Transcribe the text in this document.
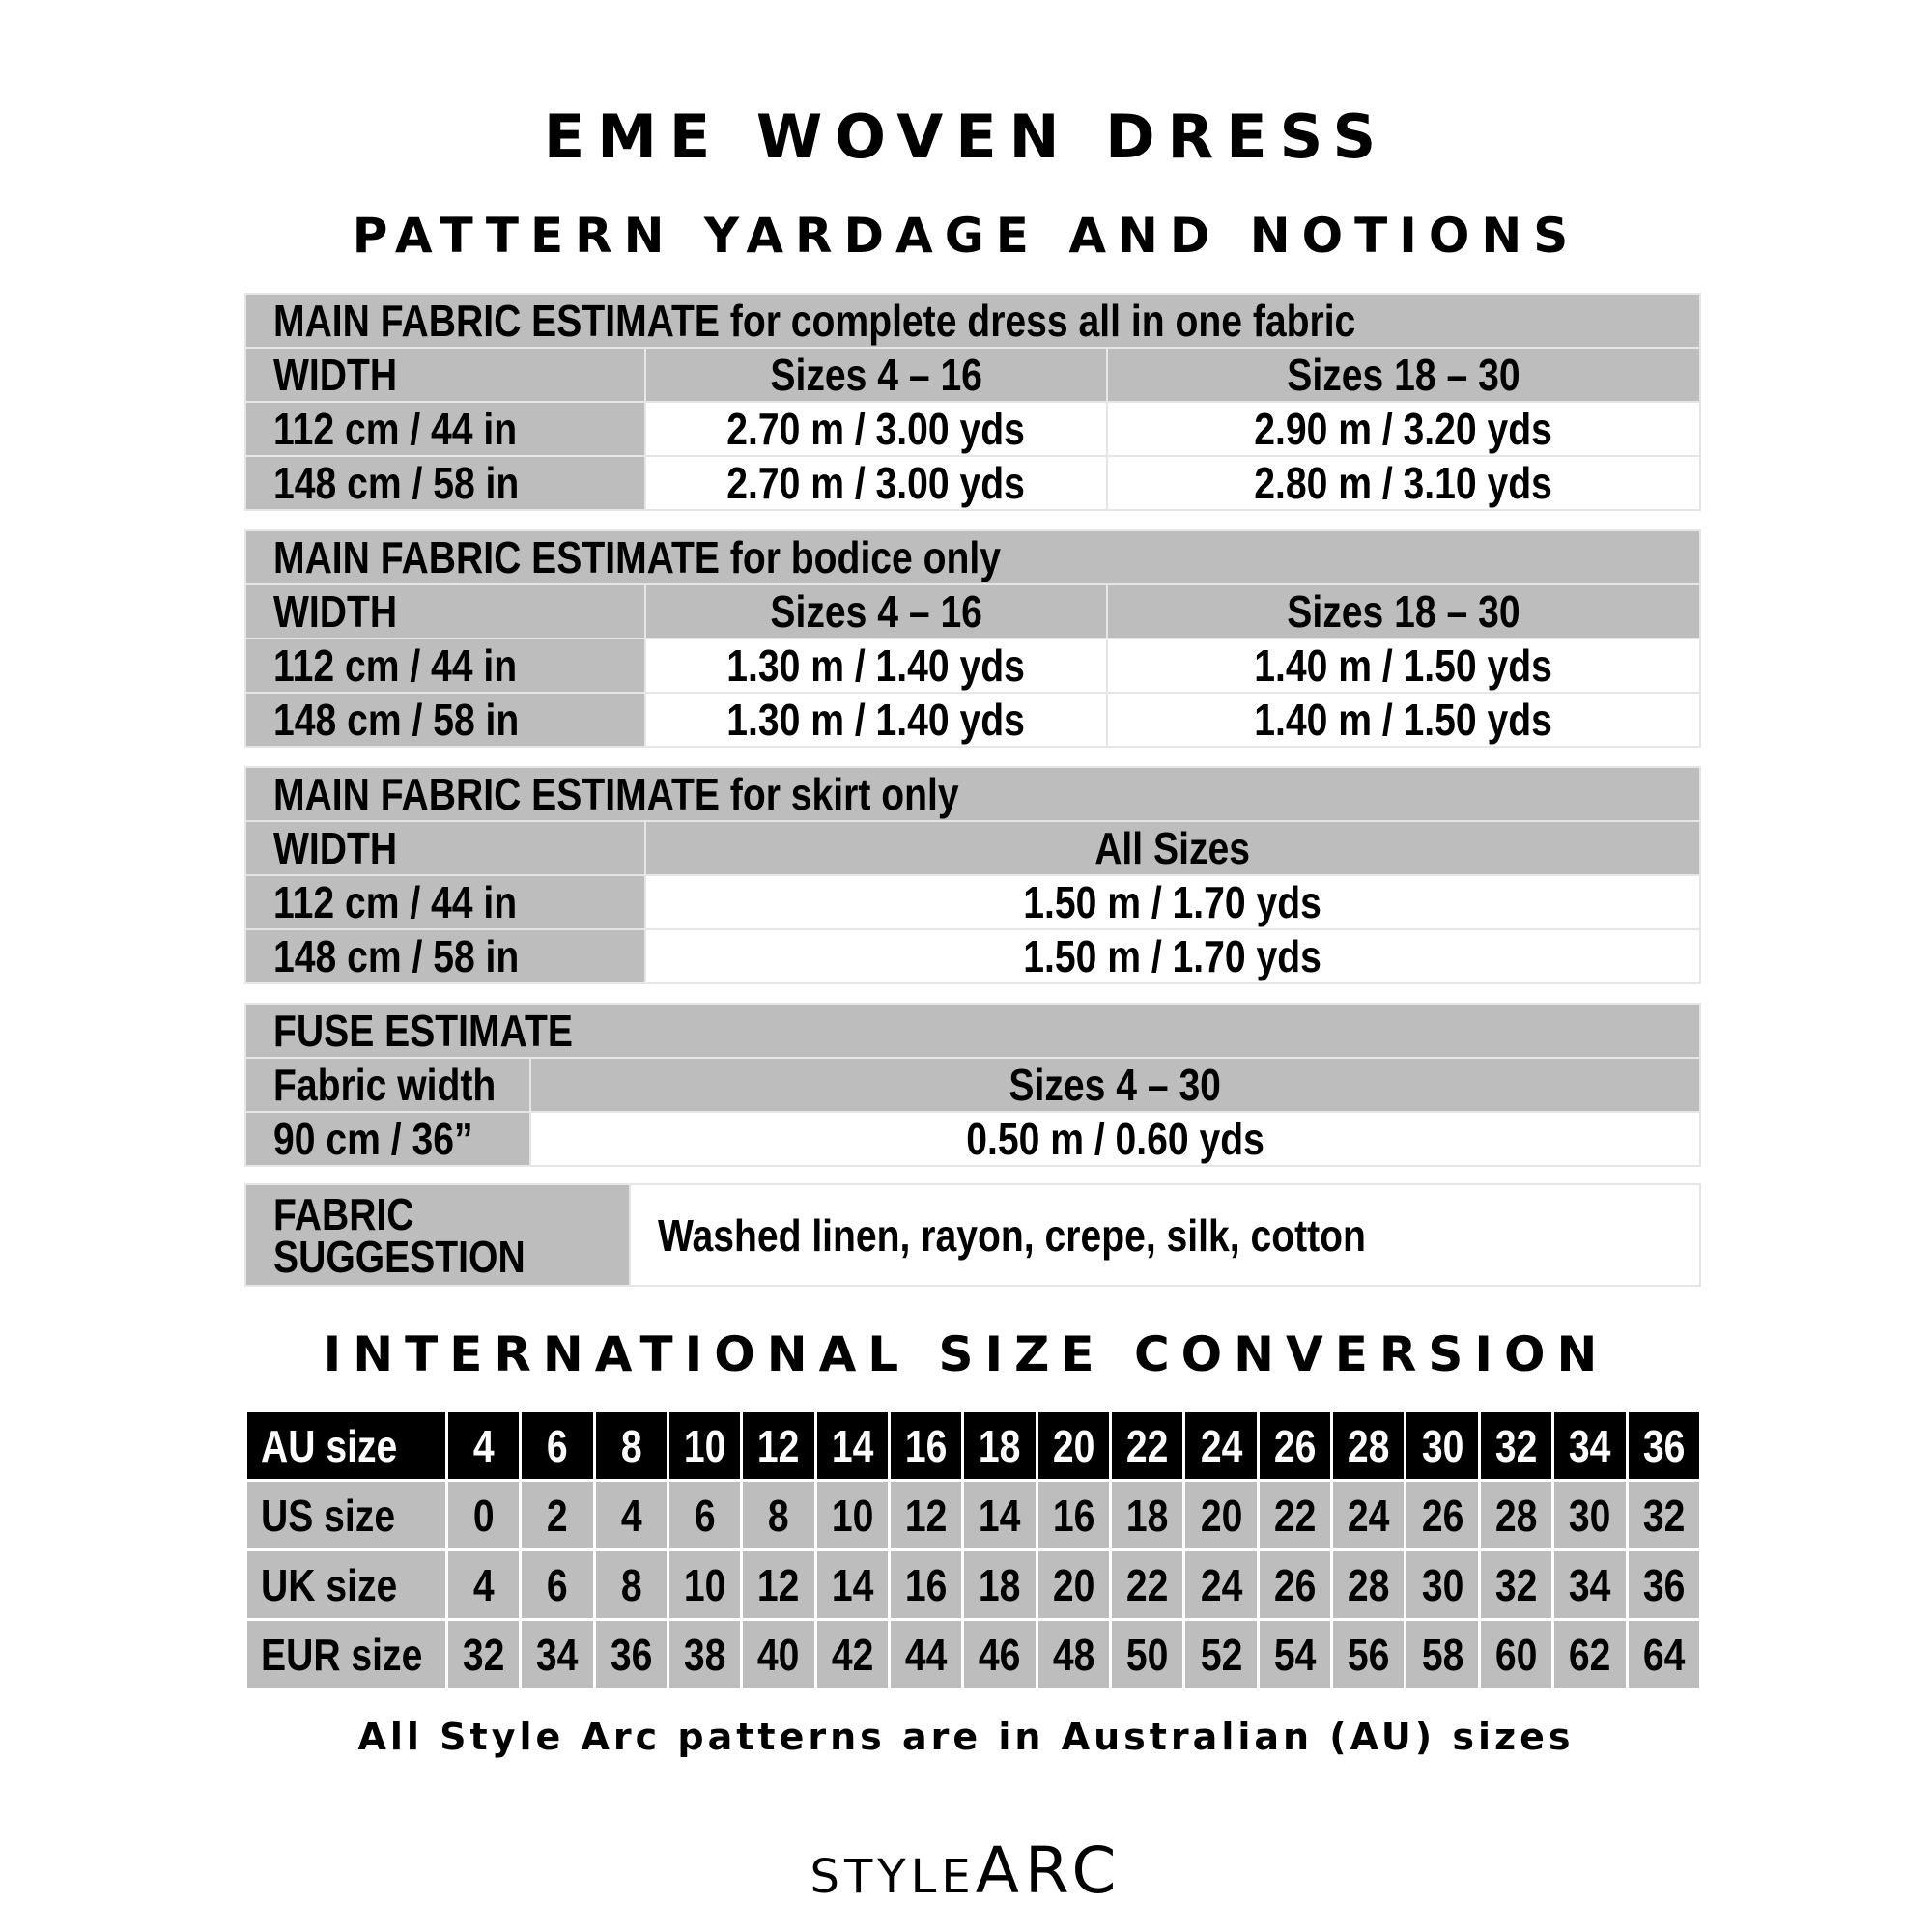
EME WOVEN DRESS
PATTERN YARDAGE AND NOTIONS
MAIN FABRIC ESTIMATE for complete dress all in one fabric		
WIDTH	Sizes 4 – 16	Sizes 18 – 30
112 cm / 44 in	2.70 m / 3.00 yds	2.90 m / 3.20 yds
148 cm / 58 in	2.70 m / 3.00 yds	2.80 m / 3.10 yds
MAIN FABRIC ESTIMATE for bodice only		
WIDTH	Sizes 4 – 16	Sizes 18 – 30
112 cm / 44 in	1.30 m / 1.40 yds	1.40 m / 1.50 yds
148 cm / 58 in	1.30 m / 1.40 yds	1.40 m / 1.50 yds
MAIN FABRIC ESTIMATE for skirt only	
WIDTH	All Sizes
112 cm / 44 in	1.50 m / 1.70 yds
148 cm / 58 in	1.50 m / 1.70 yds
FUSE ESTIMATE	
Fabric width	Sizes 4 – 30
90 cm / 36”	0.50 m / 0.60 yds
FABRIC
SUGGESTION	Washed linen, rayon, crepe, silk, cotton
INTERNATIONAL SIZE CONVERSION
AU size	4	6	8	10	12	14	16	18	20	22	24	26	28	30	32	34	36
US size	0	2	4	6	8	10	12	14	16	18	20	22	24	26	28	30	32
UK size	4	6	8	10	12	14	16	18	20	22	24	26	28	30	32	34	36
EUR size	32	34	36	38	40	42	44	46	48	50	52	54	56	58	60	62	64
All Style Arc patterns are in Australian (AU) sizes
STYLEARC
